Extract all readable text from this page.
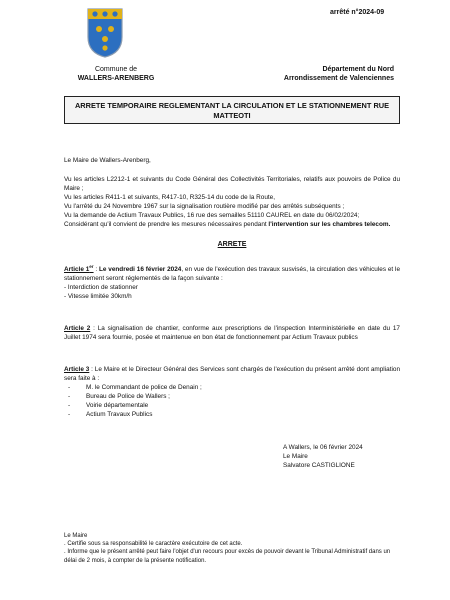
arrêté n°2024-09
Commune de
WALLERS-ARENBERG
Département du Nord
Arrondissement de Valenciennes
ARRETE TEMPORAIRE REGLEMENTANT LA CIRCULATION ET LE STATIONNEMENT RUE
MATTEOTI
Le Maire de Wallers-Arenberg,
Vu les articles L2212-1 et suivants du Code Général des Collectivités Territoriales, relatifs aux pouvoirs de Police du Maire ;
Vu les articles R411-1 et suivants, R417-10, R325-14 du code de la Route,
Vu l'arrêté du 24 Novembre 1967 sur la signalisation routière modifié par des arrêtés subséquents ;
Vu la demande de Actium Travaux Publics, 16 rue des semailles 51110 CAUREL en date du 06/02/2024;
Considérant qu'il convient de prendre les mesures nécessaires pendant l'intervention sur les chambres telecom.
ARRETE
Article 1er : Le vendredi 16 février 2024, en vue de l'exécution des travaux susvisés, la circulation des véhicules et le stationnement seront réglementés de la façon suivante :
- Interdiction de stationner
- Vitesse limitée 30km/h
Article 2 : La signalisation de chantier, conforme aux prescriptions de l'inspection Interministérielle en date du 17 Juillet 1974 sera fournie, posée et maintenue en bon état de fonctionnement par Actium Travaux publics
Article 3 : Le Maire et le Directeur Général des Services sont chargés de l'exécution du présent arrêté dont ampliation sera faite à :
- M. le Commandant de police de Denain ;
- Bureau de Police de Wallers ;
- Voirie départementale
- Actium Travaux Publics
A Wallers, le 06 février 2024
Le Maire
Salvatore CASTIGLIONE
Le Maire
. Certifie sous sa responsabilité le caractère exécutoire de cet acte.
. Informe que le présent arrêté peut faire l'objet d'un recours pour excès de pouvoir devant le Tribunal Administratif dans un délai de 2 mois, à compter de la présente notification.
